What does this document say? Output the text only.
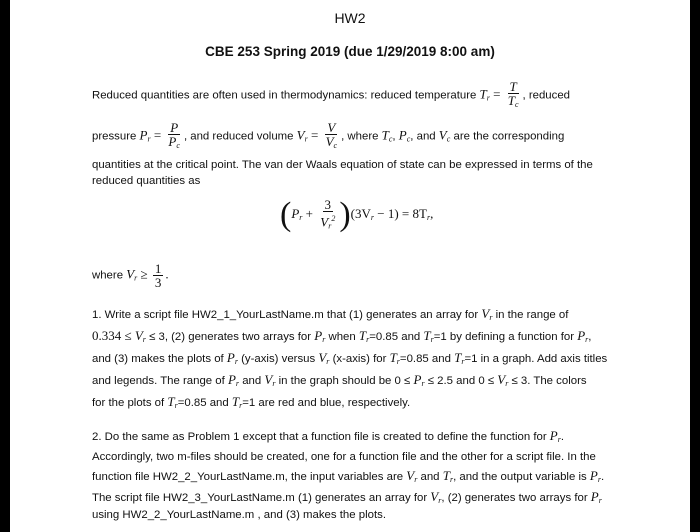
HW2
CBE 253 Spring 2019 (due 1/29/2019 8:00 am)
Reduced quantities are often used in thermodynamics: reduced temperature $T_r = \frac{T}{T_c}$ , reduced
pressure $P_r = \frac{P}{P_c}$ , and reduced volume $V_r = \frac{V}{V_c}$ , where $T_c$, $P_c$, and $V_c$ are the corresponding
quantities at the critical point. The van der Waals equation of state can be expressed in terms of the
reduced quantities as
$(P_r + \frac{3}{V_r^2} )(3V_r - 1) = 8T_r$,
where $V_r \ge \frac{1}{3}$ .
1. Write a script file HW2_1_YourLastName.m that (1) generates an array for $V_r$ in the range of
$0.334 \le V_r \le 3$, (2) generates two arrays for $P_r$ when $T_r=0.85$ and $T_r=1$ by defining a function for $P_r$,
and (3) makes the plots of $P_r$ (y-axis) versus $V_r$ (x-axis) for $T_r=0.85$ and $T_r=1$ in a graph. Add axis titles
and legends. The range of $P_r$ and $V_r$ in the graph should be $0 \le P_r \le 2.5$ and $0 \le V_r \le 3$. The colors
for the plots of $T_r=0.85$ and $T_r=1$ are red and blue, respectively.
2. Do the same as Problem 1 except that a function file is created to define the function for $P_r$.
Accordingly, two m-files should be created, one for a function file and the other for a script file. In the
function file HW2_2_YourLastName.m, the input variables are $V_r$ and $T_r$, and the output variable is $P_r$.
The script file HW2_3_YourLastName.m (1) generates an array for $V_r$, (2) generates two arrays for $P_r$
using HW2_2_YourLastName.m , and (3) makes the plots.
